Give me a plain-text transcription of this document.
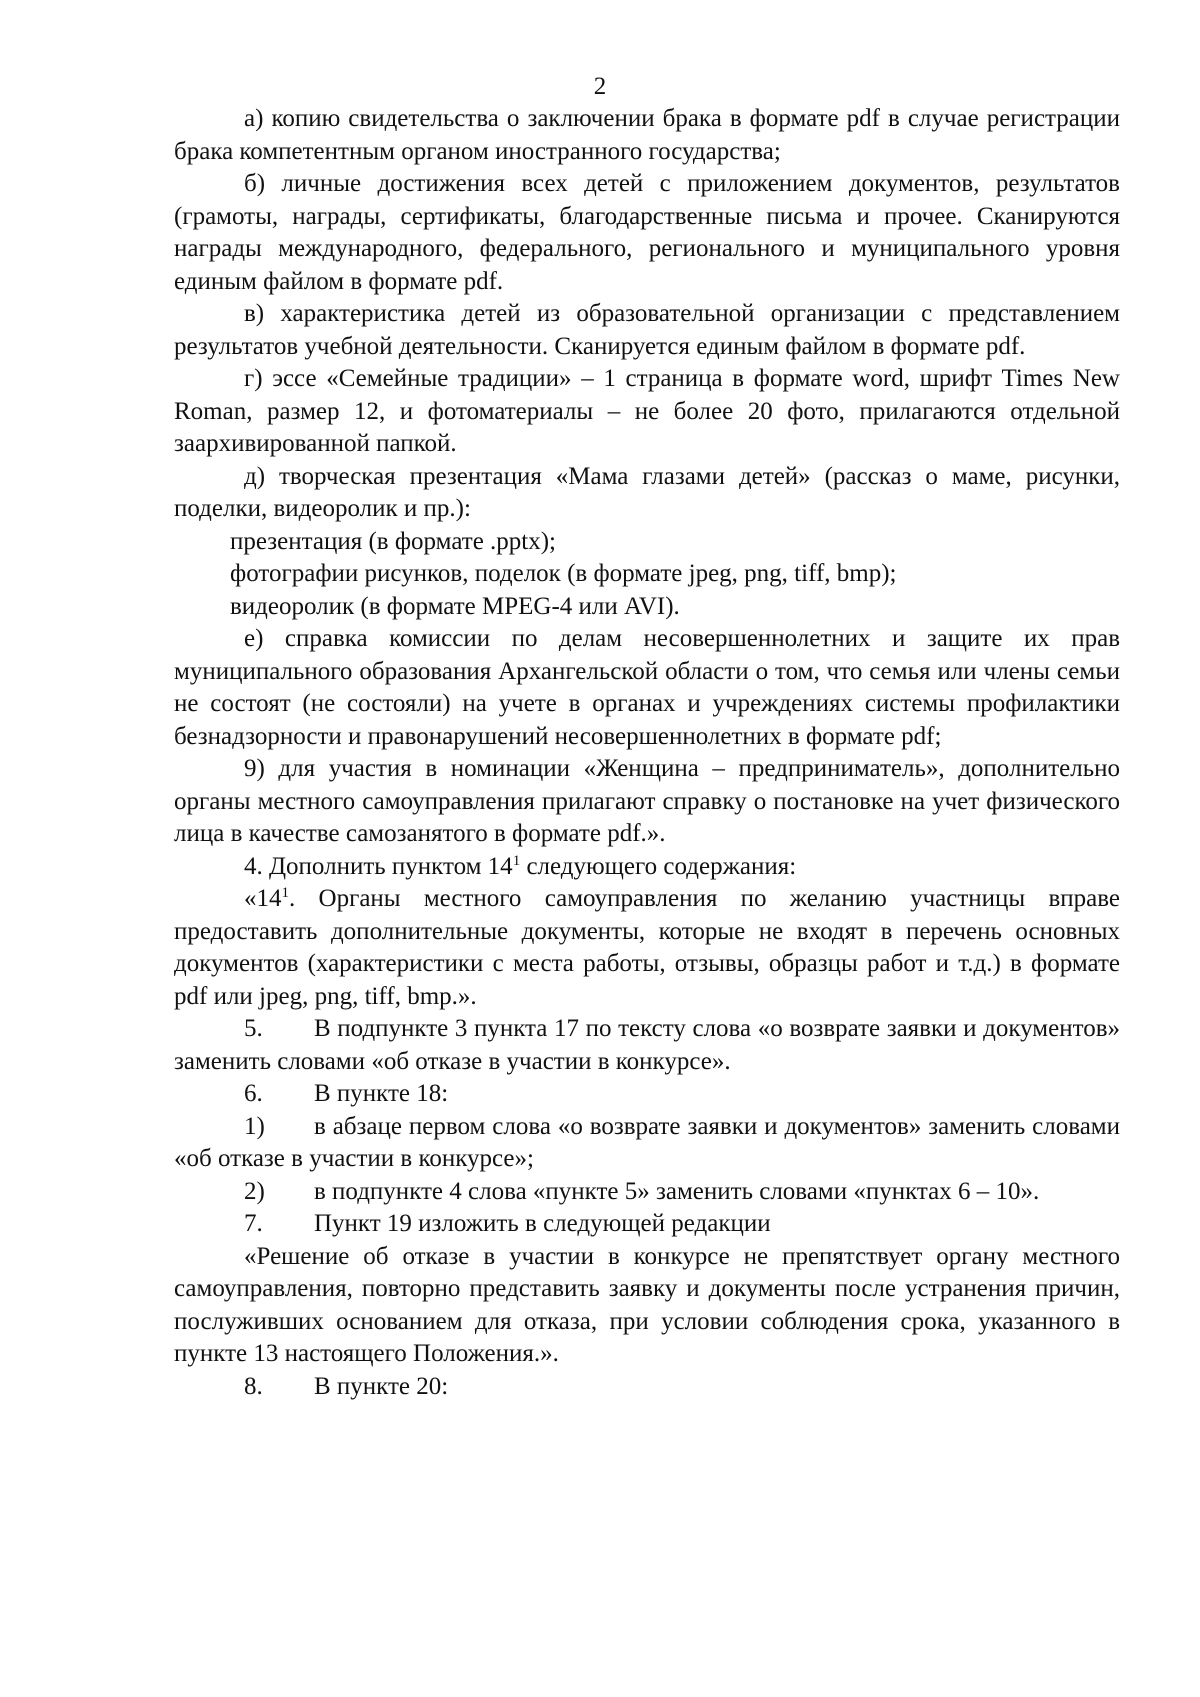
2

а) копию свидетельства о заключении брака в формате pdf в случае регистрации брака компетентным органом иностранного государства;

б) личные достижения всех детей с приложением документов, результатов (грамоты, награды, сертификаты, благодарственные письма и прочее. Сканируются награды международного, федерального, регионального и муниципального уровня единым файлом в формате pdf.

в) характеристика детей из образовательной организации с представлением результатов учебной деятельности. Сканируется единым файлом в формате pdf.

г) эссе «Семейные традиции» – 1 страница в формате word, шрифт Times New Roman, размер 12, и фотоматериалы – не более 20 фото, прилагаются отдельной заархивированной папкой.

д) творческая презентация «Мама глазами детей» (рассказ о маме, рисунки, поделки, видеоролик и пр.):

презентация (в формате .pptx);

фотографии рисунков, поделок (в формате jpeg, png, tiff, bmp);

видеоролик (в формате MPEG-4 или AVI).

е) справка комиссии по делам несовершеннолетних и защите их прав муниципального образования Архангельской области о том, что семья или члены семьи не состоят (не состояли) на учете в органах и учреждениях системы профилактики безнадзорности и правонарушений несовершеннолетних в формате pdf;

9) для участия в номинации «Женщина – предприниматель», дополнительно органы местного самоуправления прилагают справку о постановке на учет физического лица в качестве самозанятого в формате pdf.».

4. Дополнить пунктом $14^1$ следующего содержания:

«$14^1$. Органы местного самоуправления по желанию участницы вправе предоставить дополнительные документы, которые не входят в перечень основных документов (характеристики с места работы, отзывы, образцы работ и т.д.) в формате pdf или jpeg, png, tiff, bmp.».

5. В подпункте 3 пункта 17 по тексту слова «о возврате заявки и документов» заменить словами «об отказе в участии в конкурсе».

6. В пункте 18:

1) в абзаце первом слова «о возврате заявки и документов» заменить словами «об отказе в участии в конкурсе»;

2) в подпункте 4 слова «пункте 5» заменить словами «пунктах 6 – 10».

7. Пункт 19 изложить в следующей редакции

«Решение об отказе в участии в конкурсе не препятствует органу местного самоуправления, повторно представить заявку и документы после устранения причин, послуживших основанием для отказа, при условии соблюдения срока, указанного в пункте 13 настоящего Положения.».

8. В пункте 20:
